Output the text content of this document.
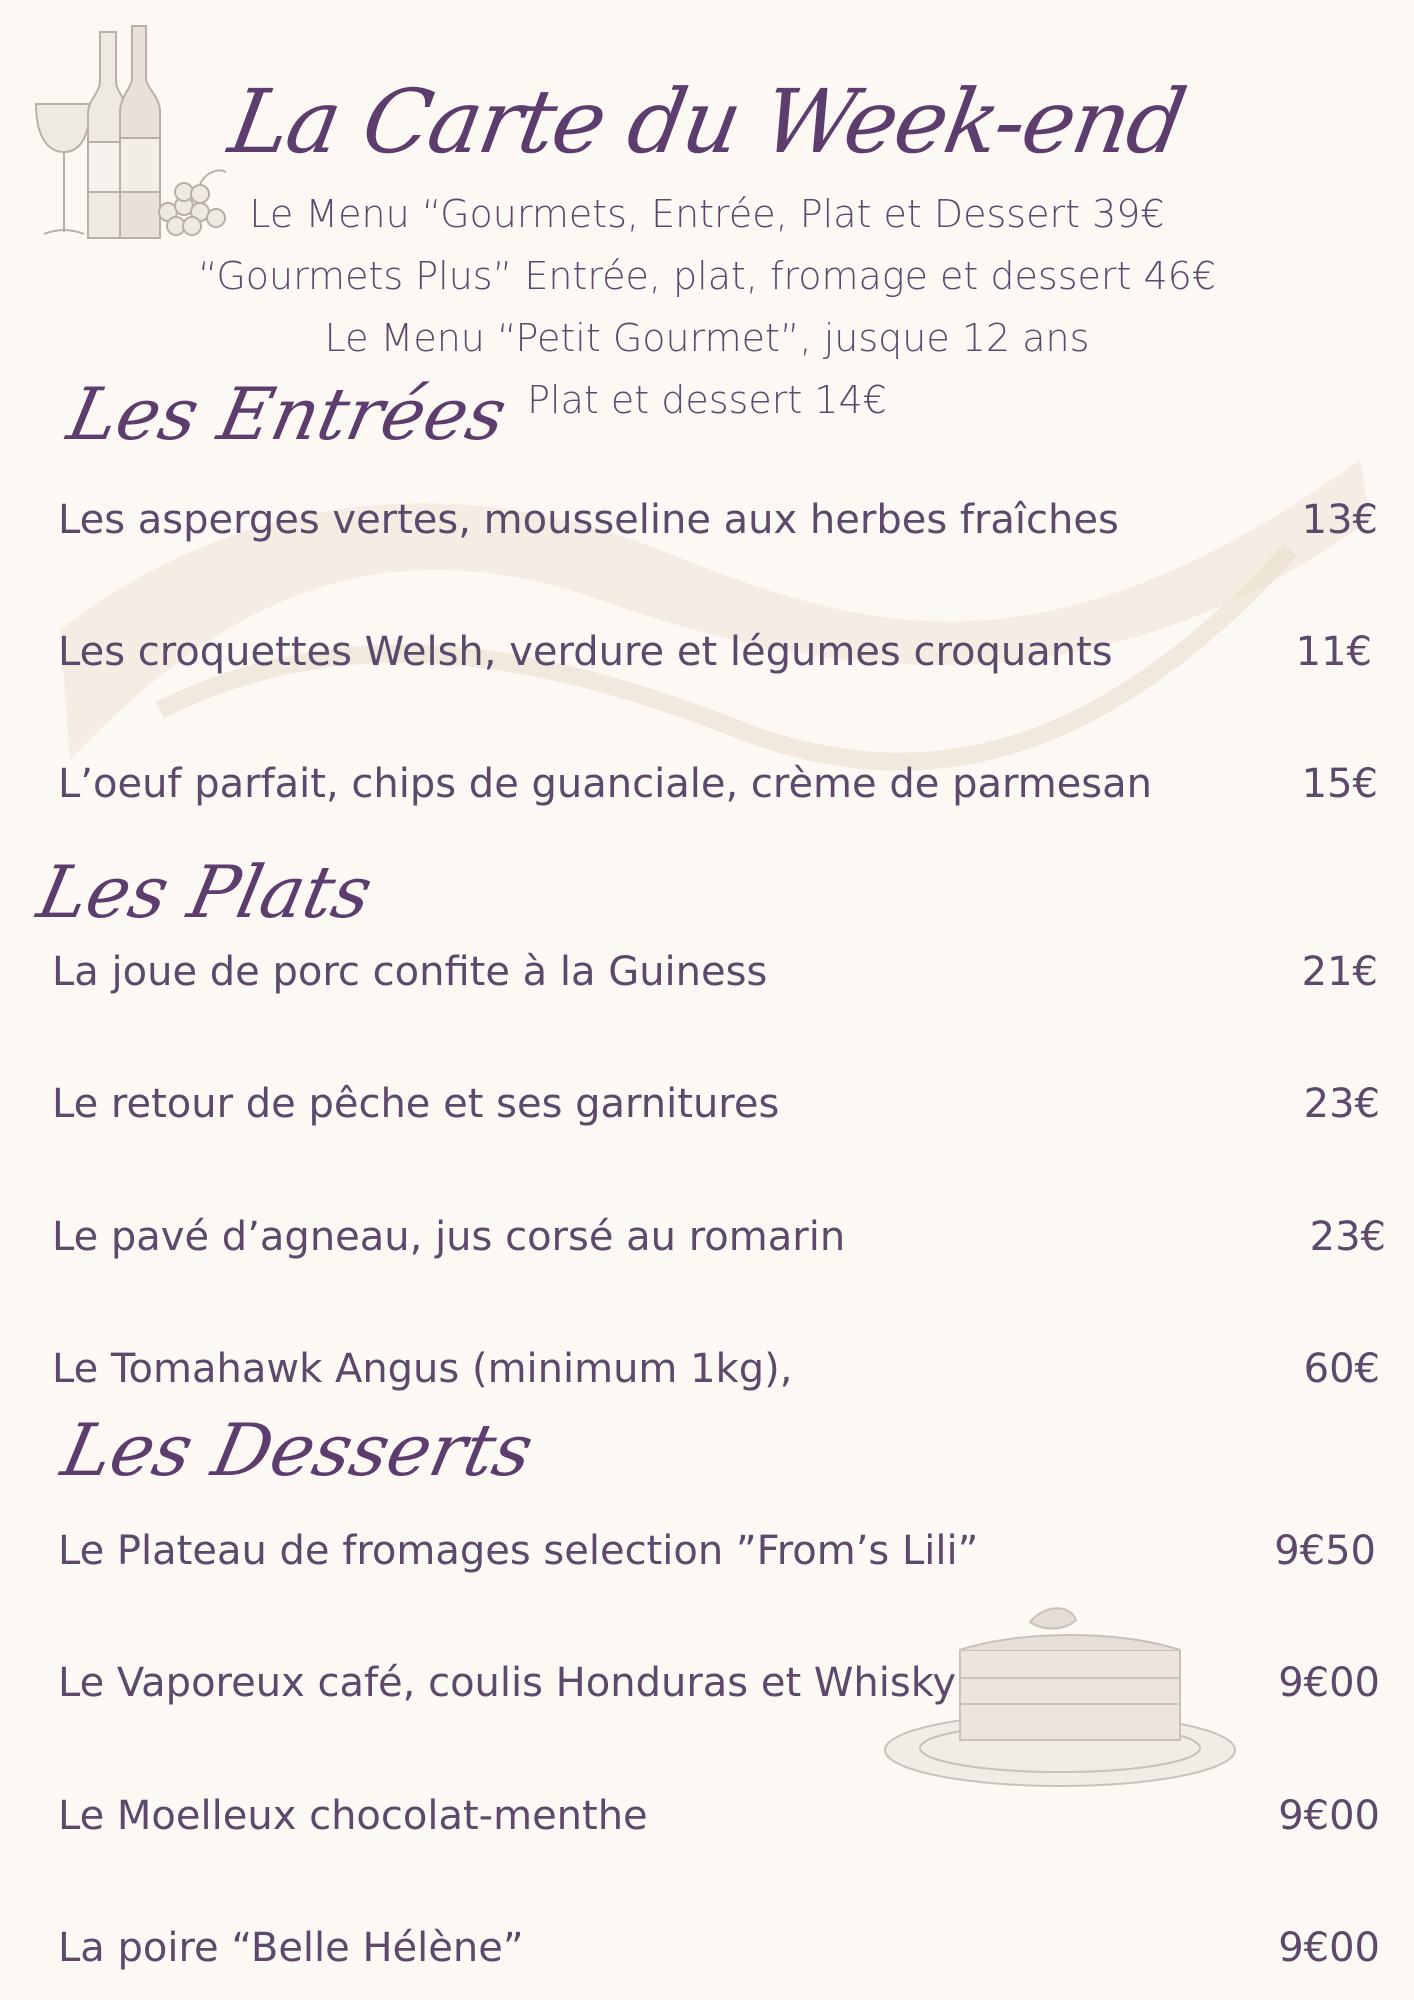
La Carte du Week-end
Le Menu “Gourmets, Entrée, Plat et Dessert 39€
“Gourmets Plus” Entrée, plat, fromage et dessert 46€
Le Menu “Petit Gourmet”, jusque 12 ans
Plat et dessert 14€
Les Entrées
Les asperges vertes, mousseline aux herbes fraîches	13€
Les croquettes Welsh, verdure et légumes croquants	11€
L’oeuf parfait, chips de guanciale, crème de parmesan	15€
Les Plats
La joue de porc confite à la Guiness	21€
Le retour de pêche et ses garnitures	23€
Le pavé d’agneau, jus corsé au romarin	23€
Le Tomahawk Angus (minimum 1kg),	60€
Les Desserts
Le Plateau de fromages selection ”From’s Lili”	9€50
Le Vaporeux café, coulis Honduras et Whisky	9€00
Le Moelleux chocolat-menthe	9€00
La poire “Belle Hélène”	9€00
